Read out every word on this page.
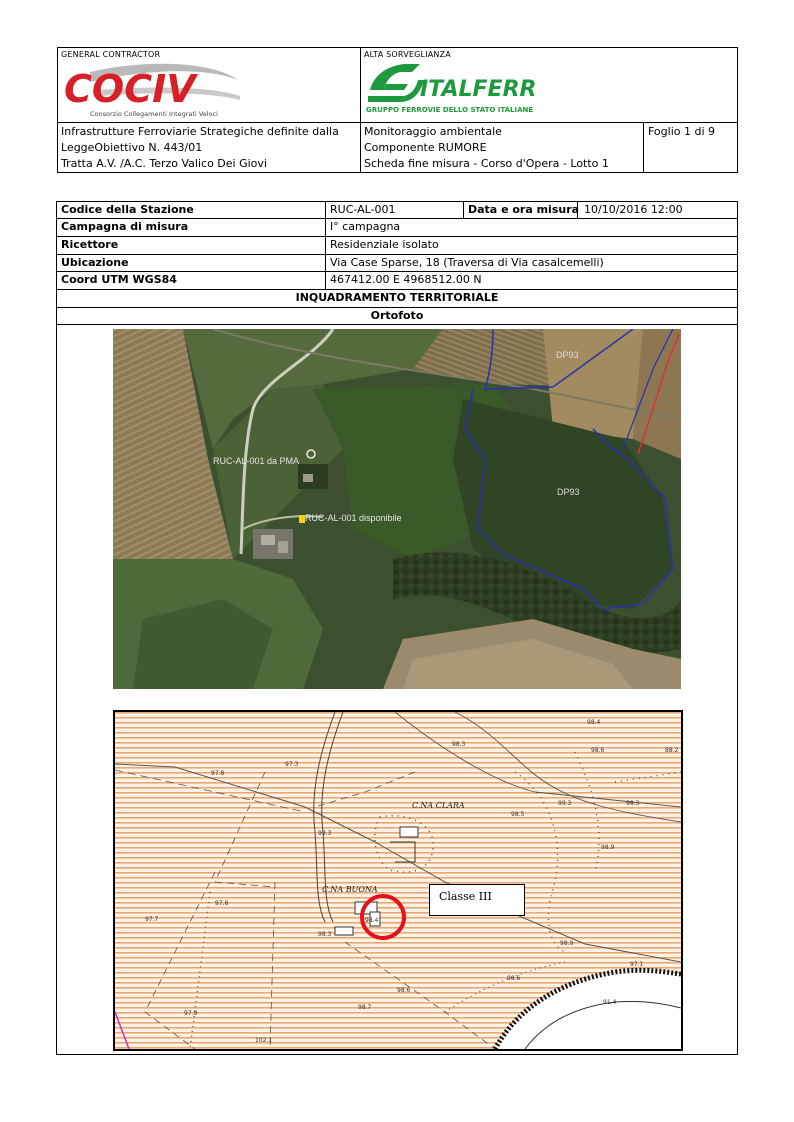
GENERAL CONTRACTOR
COCIV
Consorzio Collegamenti Integrati Veloci
ALTA SORVEGLIANZA
ITALFERR
GRUPPO FERROVIE DELLO STATO ITALIANE
Infrastrutture Ferroviarie Strategiche definite dalla
LeggeObiettivo N. 443/01
Tratta A.V. /A.C. Terzo Valico Dei Giovi
Monitoraggio ambientale
Componente RUMORE
Scheda fine misura - Corso d'Opera - Lotto 1
Foglio 1 di 9
Codice della Stazione	RUC-AL-001	Data e ora misura 10/10/2016 12:00
Campagna di misura	I° campagna
Ricettore	Residenziale isolato
Ubicazione	Via Case Sparse, 18 (Traversa di Via casalcemelli)
Coord UTM WGS84	467412.00 E 4968512.00 N
INQUADRAMENTO TERRITORIALE
Ortofoto
DP93
DP93
RUC-AL-001 da PMA
RUC-AL-001 disponibile
C.NA CLARA
C.NA BUONA
98.3
97.8
97.3
98.4
98.6	88.2
98.5
99.3	98.3
99.3
98.9
97.7
97.8
98.4
98.3
98.9
97.1
98.6
98.6
98.7
91.4
97.9
102.1
Classe III
